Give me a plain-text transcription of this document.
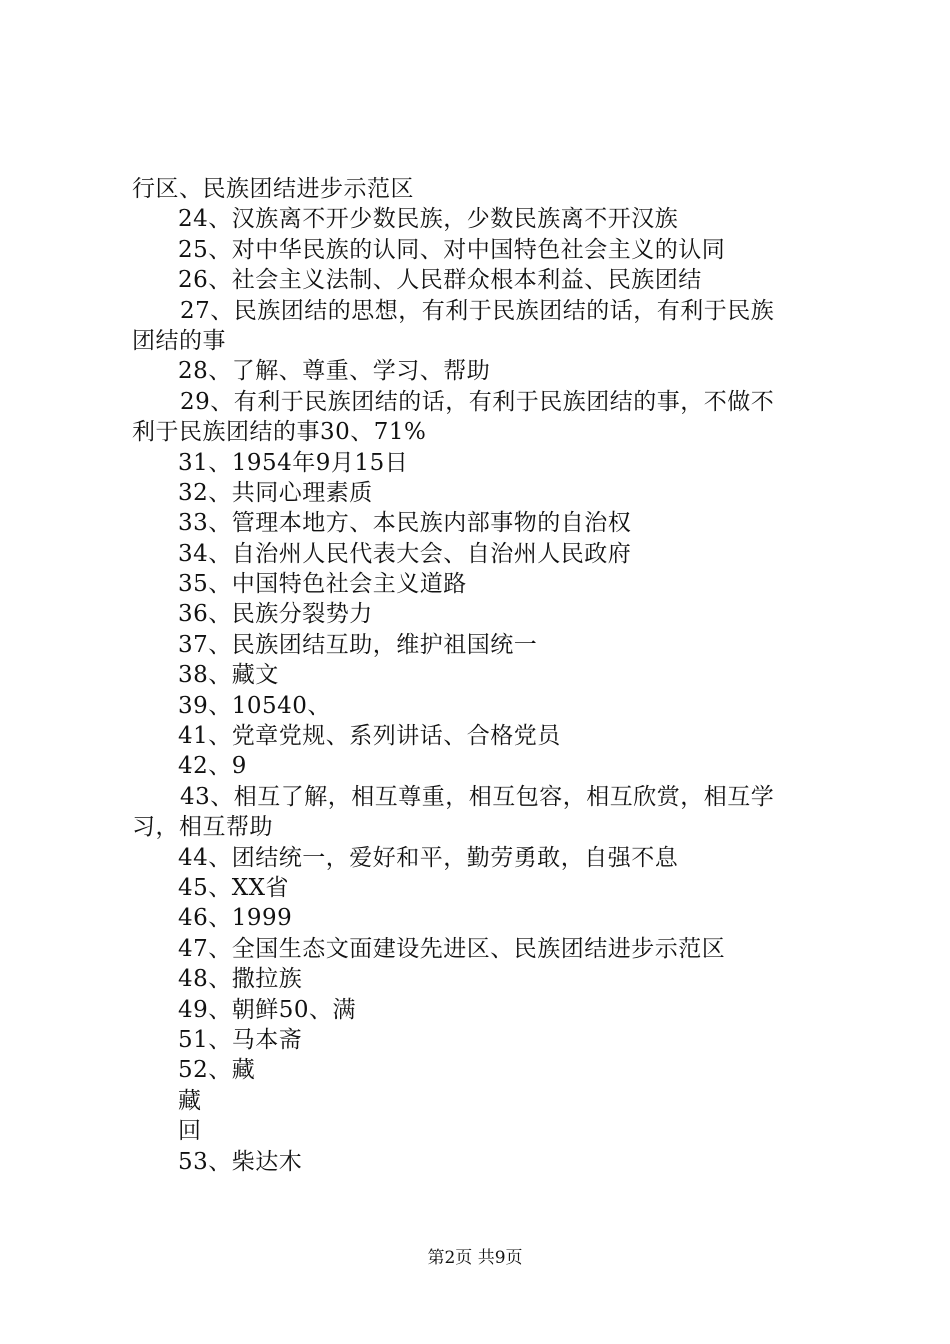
行区、民族团结进步示范区
24、汉族离不开少数民族，少数民族离不开汉族
25、对中华民族的认同、对中国特色社会主义的认同
26、社会主义法制、人民群众根本利益、民族团结
27、民族团结的思想，有利于民族团结的话，有利于民族
团结的事
28、了解、尊重、学习、帮助
29、有利于民族团结的话，有利于民族团结的事，不做不
利于民族团结的事30、71%
31、1954年9月15日
32、共同心理素质
33、管理本地方、本民族内部事物的自治权
34、自治州人民代表大会、自治州人民政府
35、中国特色社会主义道路
36、民族分裂势力
37、民族团结互助，维护祖国统一
38、藏文
39、10540、
41、党章党规、系列讲话、合格党员
42、9
43、相互了解，相互尊重，相互包容，相互欣赏，相互学
习，相互帮助
44、团结统一，爱好和平，勤劳勇敢，自强不息
45、XX省
46、1999
47、全国生态文面建设先进区、民族团结进步示范区
48、撒拉族
49、朝鲜50、满
51、马本斋
52、藏
藏
回
53、柴达木
第2页 共9页
